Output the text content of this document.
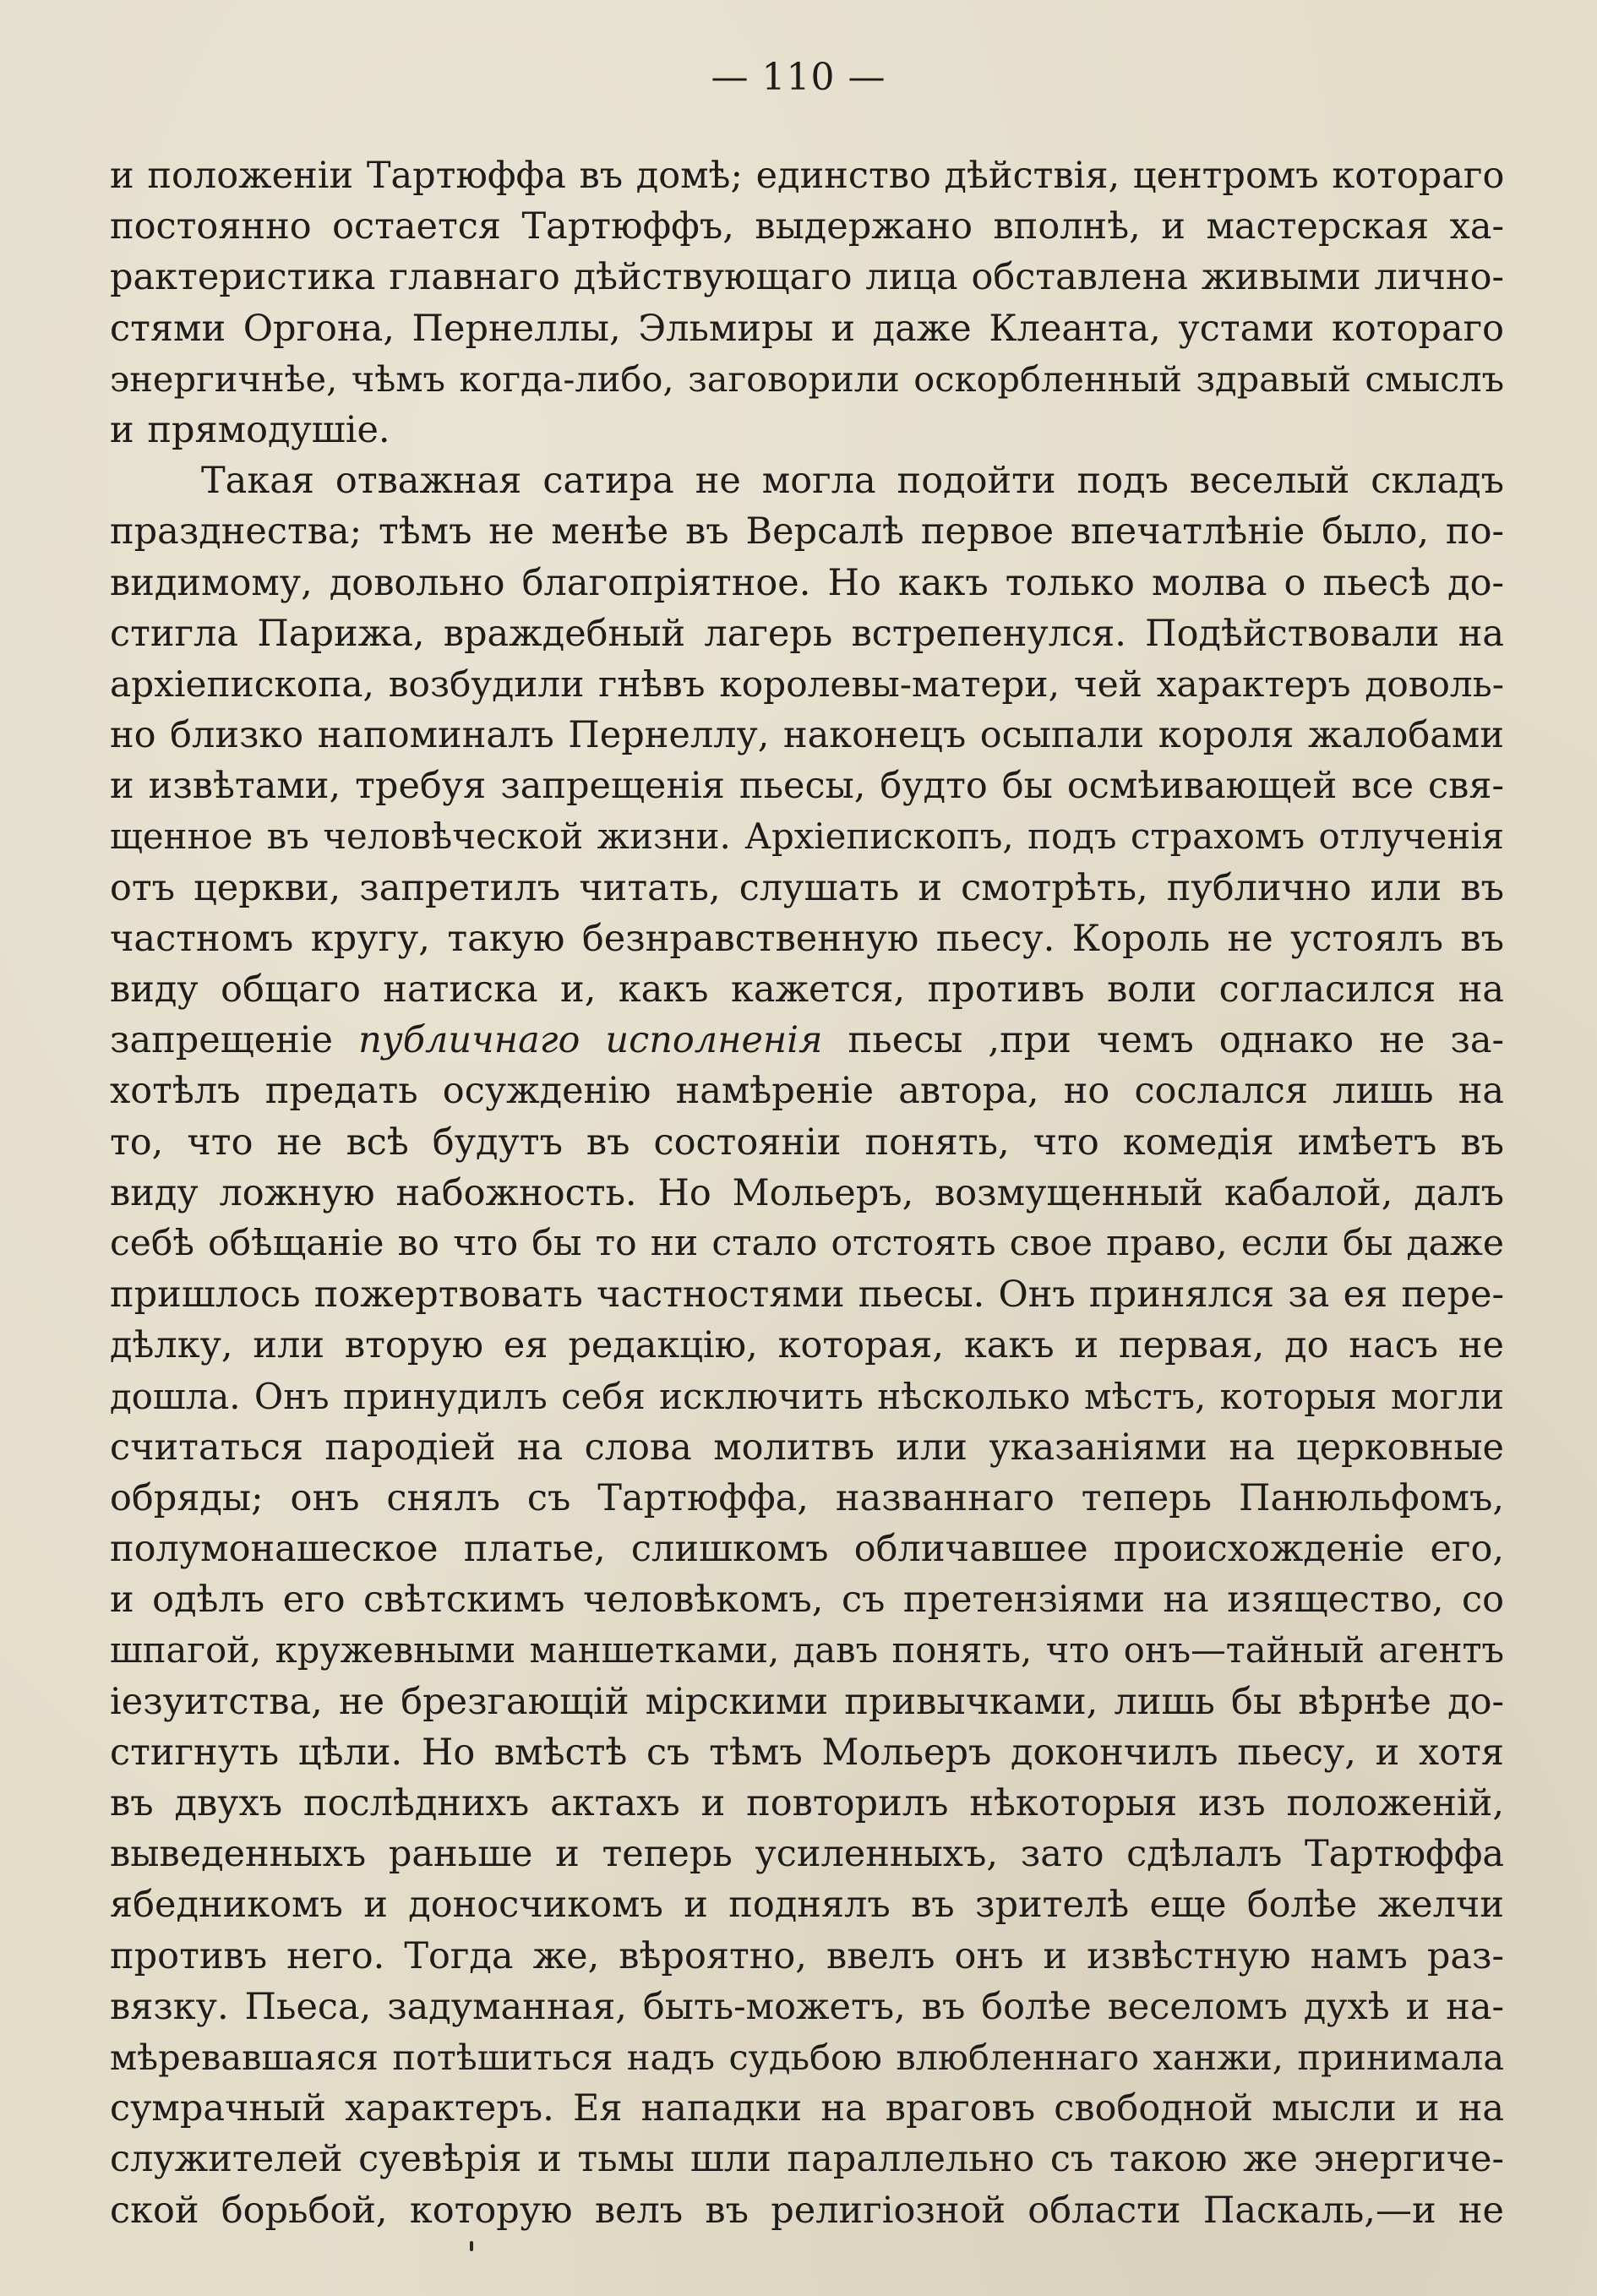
— 110 —
и положенiи Тартюффа въ домѣ; единство дѣйствiя, центромъ котораго
постоянно остается Тартюффъ, выдержано вполнѣ, и мастерская ха-
рактеристика главнаго дѣйствующаго лица обставлена живыми лично-
стями Оргона, Пернеллы, Эльмиры и даже Клеанта, устами котораго
энергичнѣе, чѣмъ когда-либо, заговорили оскорбленный здравый смыслъ
и прямодушiе.
Такая отважная сатира не могла подойти подъ веселый складъ
празднества; тѣмъ не менѣе въ Версалѣ первое впечатлѣнiе было, по-
видимому, довольно благопрiятное. Но какъ только молва о пьесѣ до-
стигла Парижа, враждебный лагерь встрепенулся. Подѣйствовали на
архiепископа, возбудили гнѣвъ королевы-матери, чей характеръ доволь-
но близко напоминалъ Пернеллу, наконецъ осыпали короля жалобами
и извѣтами, требуя запрещенiя пьесы, будто бы осмѣивающей все свя-
щенное въ человѣческой жизни. Архiепископъ, подъ страхомъ отлученiя
отъ церкви, запретилъ читать, слушать и смотрѣть, публично или въ
частномъ кругу, такую безнравственную пьесу. Король не устоялъ въ
виду общаго натиска и, какъ кажется, противъ воли согласился на
запрещенiе публичнаго исполненiя пьесы ,при чемъ однако не за-
хотѣлъ предать осужденiю намѣренiе автора, но сослался лишь на
то, что не всѣ будутъ въ состоянiи понять, что комедiя имѣетъ въ
виду ложную набожность. Но Мольеръ, возмущенный кабалой, далъ
себѣ обѣщанiе во что бы то ни стало отстоять свое право, если бы даже
пришлось пожертвовать частностями пьесы. Онъ принялся за ея пере-
дѣлку, или вторую ея редакцiю, которая, какъ и первая, до насъ не
дошла. Онъ принудилъ себя исключить нѣсколько мѣстъ, которыя могли
считаться пародiей на слова молитвъ или указанiями на церковные
обряды; онъ снялъ съ Тартюффа, названнаго теперь Панюльфомъ,
полумонашеское платье, слишкомъ обличавшее происхожденiе его,
и одѣлъ его свѣтскимъ человѣкомъ, съ претензiями на изящество, со
шпагой, кружевными маншетками, давъ понять, что онъ—тайный агентъ
iезуитства, не брезгающiй мiрскими привычками, лишь бы вѣрнѣе до-
стигнуть цѣли. Но вмѣстѣ съ тѣмъ Мольеръ докончилъ пьесу, и хотя
въ двухъ послѣднихъ актахъ и повторилъ нѣкоторыя изъ положенiй,
выведенныхъ раньше и теперь усиленныхъ, зато сдѣлалъ Тартюффа
ябедникомъ и доносчикомъ и поднялъ въ зрителѣ еще болѣе желчи
противъ него. Тогда же, вѣроятно, ввелъ онъ и извѣстную намъ раз-
вязку. Пьеса, задуманная, быть-можетъ, въ болѣе веселомъ духѣ и на-
мѣревавшаяся потѣшиться надъ судьбою влюбленнаго ханжи, принимала
сумрачный характеръ. Ея нападки на враговъ свободной мысли и на
служителей суевѣрiя и тьмы шли параллельно съ такою же энергиче-
ской борьбой, которую велъ въ религiозной области Паскаль,—и не
